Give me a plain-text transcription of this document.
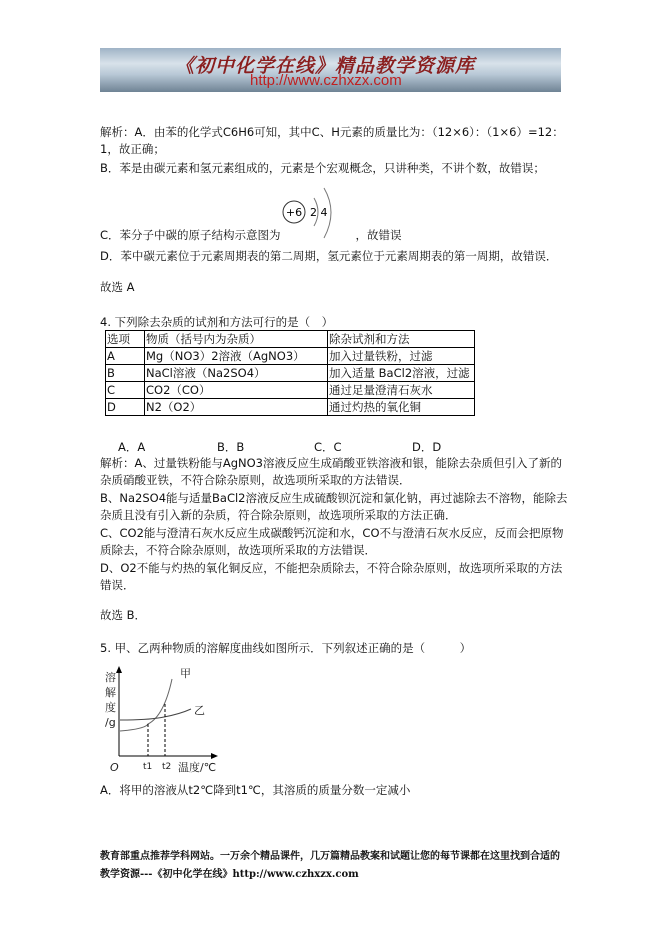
《初中化学在线》精品教学资源库
http://www.czhxzx.com
解析：A．由苯的化学式C6H6可知，其中C、H元素的质量比为：（12×6）：（1×6）=12：
1，故正确；
B．苯是由碳元素和氢元素组成的，元素是个宏观概念，只讲种类，不讲个数，故错误；
+6 2 4
C．苯分子中碳的原子结构示意图为	，故错误
D．苯中碳元素位于元素周期表的第二周期，氢元素位于元素周期表的第一周期，故错误．
故选 A
4. 下列除去杂质的试剂和方法可行的是（　）
选项	物质（括号内为杂质）	除杂试剂和方法
A	Mg（NO3）2溶液（AgNO3）	加入过量铁粉，过滤
B	NaCl溶液（Na2SO4）	加入适量 BaCl2溶液，过滤
C	CO2（CO）	通过足量澄清石灰水
D	N2（O2）	通过灼热的氧化铜
A．A	B．B	C．C	D．D
解析：A、过量铁粉能与AgNO3溶液反应生成硝酸亚铁溶液和银，能除去杂质但引入了新的
杂质硝酸亚铁，不符合除杂原则，故选项所采取的方法错误．
B、Na2SO4能与适量BaCl2溶液反应生成硫酸钡沉淀和氯化钠，再过滤除去不溶物，能除去
杂质且没有引入新的杂质，符合除杂原则，故选项所采取的方法正确．
C、CO2能与澄清石灰水反应生成碳酸钙沉淀和水，CO不与澄清石灰水反应，反而会把原物
质除去，不符合除杂原则，故选项所采取的方法错误．
D、O2不能与灼热的氧化铜反应，不能把杂质除去，不符合除杂原则，故选项所采取的方法
错误．
故选 B．
5. 甲、乙两种物质的溶解度曲线如图所示．下列叙述正确的是（　　　）
溶
解
度
/g
O	t1 t2 温度/℃
甲
乙
A．将甲的溶液从t2℃降到t1℃，其溶质的质量分数一定减小
教育部重点推荐学科网站。一万余个精品课件，几万篇精品教案和试题让您的每节课都在这里找到合适的
教学资源---《初中化学在线》http://www.czhxzx.com
